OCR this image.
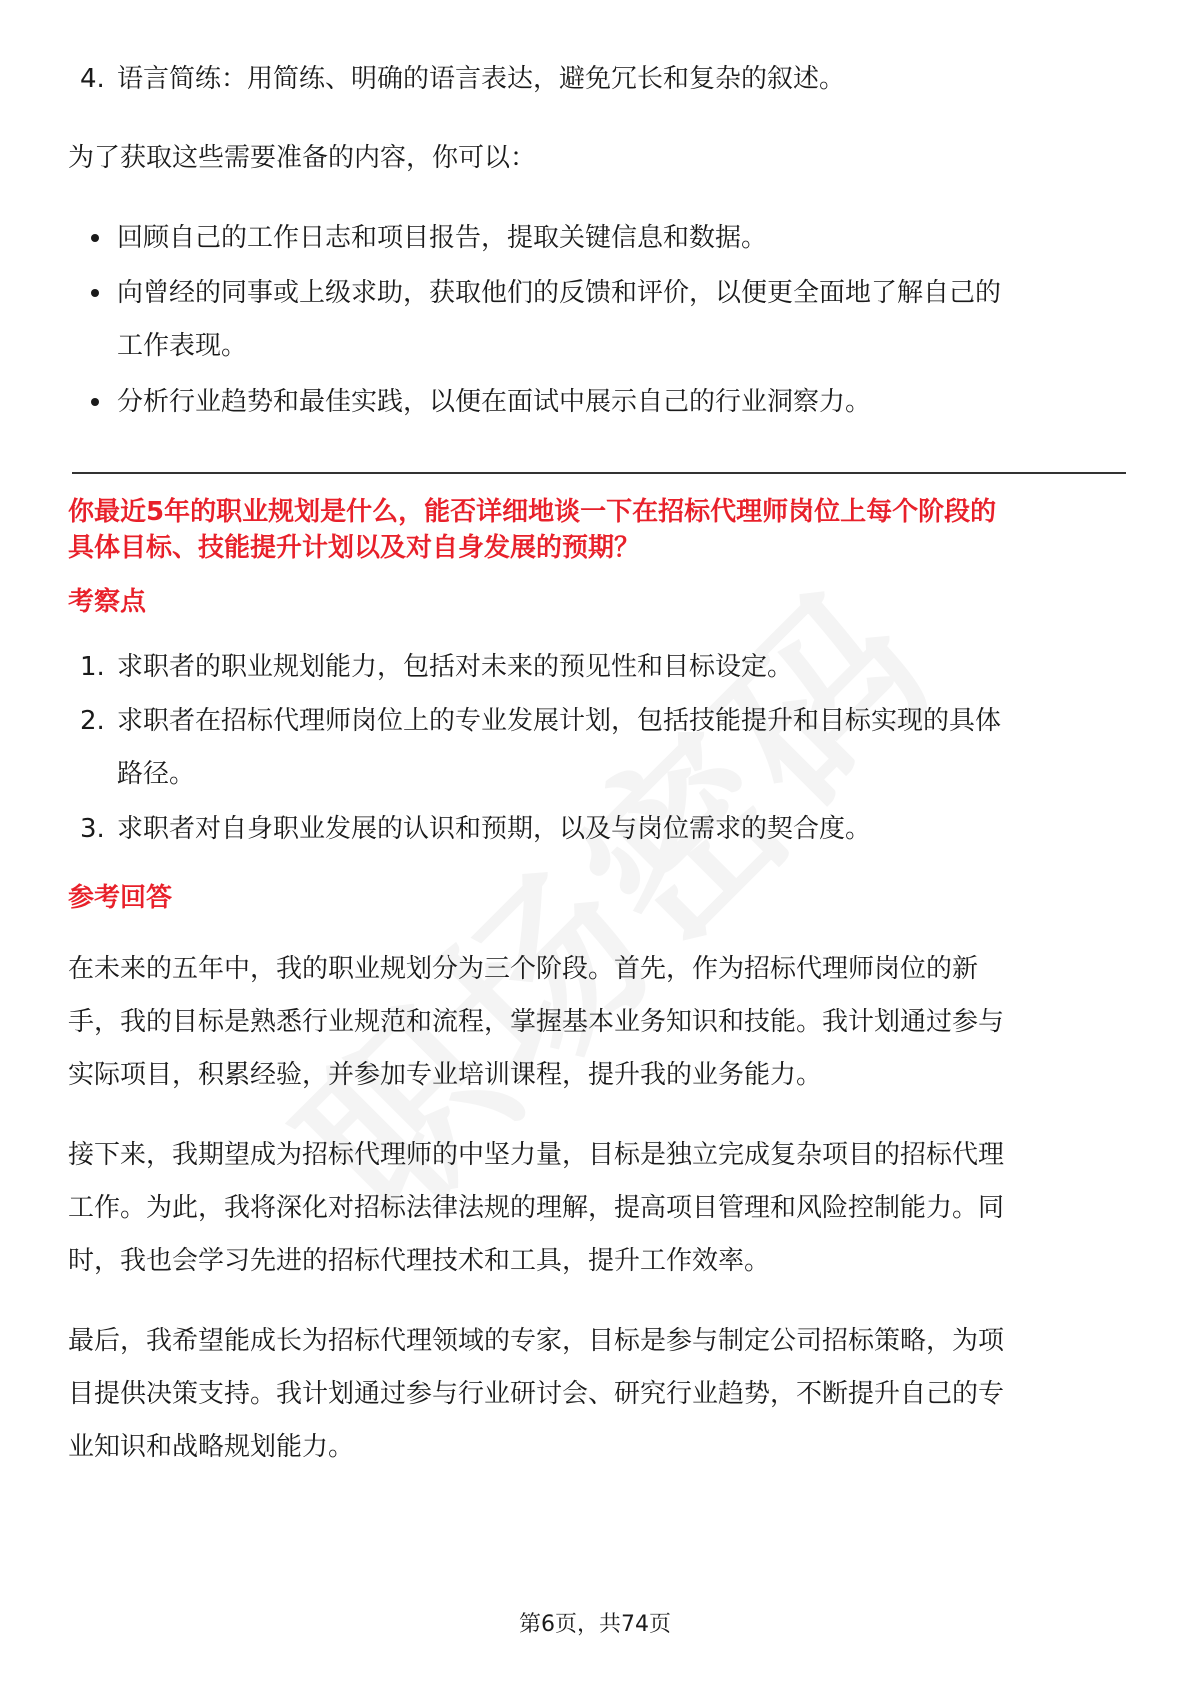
4. 语言简练：用简练、明确的语言表达，避免冗长和复杂的叙述。
为了获取这些需要准备的内容，你可以：
回顾自己的工作日志和项目报告，提取关键信息和数据。
向曾经的同事或上级求助，获取他们的反馈和评价，以便更全面地了解自己的
工作表现。
分析行业趋势和最佳实践，以便在面试中展示自己的行业洞察力。
你最近5年的职业规划是什么，能否详细地谈一下在招标代理师岗位上每个阶段的
具体目标、技能提升计划以及对自身发展的预期？
考察点
1. 求职者的职业规划能力，包括对未来的预见性和目标设定。
2. 求职者在招标代理师岗位上的专业发展计划，包括技能提升和目标实现的具体
路径。
3. 求职者对自身职业发展的认识和预期，以及与岗位需求的契合度。
参考回答
在未来的五年中，我的职业规划分为三个阶段。首先，作为招标代理师岗位的新
手，我的目标是熟悉行业规范和流程，掌握基本业务知识和技能。我计划通过参与
实际项目，积累经验，并参加专业培训课程，提升我的业务能力。
接下来，我期望成为招标代理师的中坚力量，目标是独立完成复杂项目的招标代理
工作。为此，我将深化对招标法律法规的理解，提高项目管理和风险控制能力。同
时，我也会学习先进的招标代理技术和工具，提升工作效率。
最后，我希望能成长为招标代理领域的专家，目标是参与制定公司招标策略，为项
目提供决策支持。我计划通过参与行业研讨会、研究行业趋势，不断提升自己的专
业知识和战略规划能力。
第6页，共74页
